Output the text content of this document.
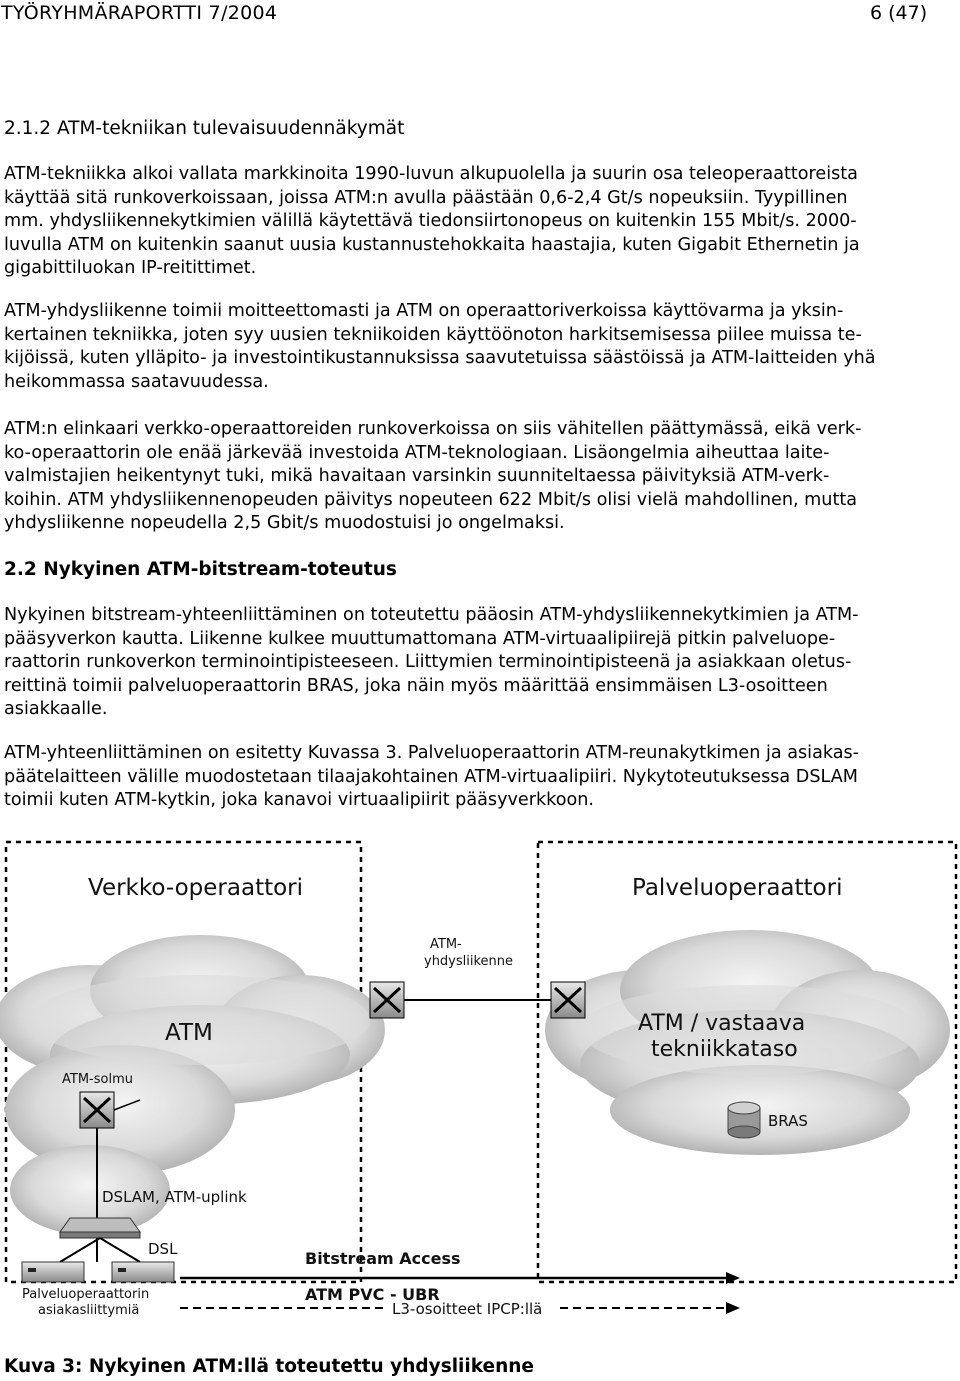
TYÖRYHMÄRAPORTTI 7/2004	6 (47)
2.1.2 ATM-tekniikan tulevaisuudennäkymät
ATM-tekniikka alkoi vallata markkinoita 1990-luvun alkupuolella ja suurin osa teleoperaattoreista
käyttää sitä runkoverkoissaan, joissa ATM:n avulla päästään 0,6-2,4 Gt/s nopeuksiin. Tyypillinen
mm. yhdysliikennekytkimien välillä käytettävä tiedonsiirtonopeus on kuitenkin 155 Mbit/s. 2000-
luvulla ATM on kuitenkin saanut uusia kustannustehokkaita haastajia, kuten Gigabit Ethernetin ja
gigabittiluokan IP-reitittimet.
ATM-yhdysliikenne toimii moitteettomasti ja ATM on operaattoriverkoissa käyttövarma ja yksin-
kertainen tekniikka, joten syy uusien tekniikoiden käyttöönoton harkitsemisessa piilee muissa te-
kijöissä, kuten ylläpito- ja investointikustannuksissa saavutetuissa säästöissä ja ATM-laitteiden yhä
heikommassa saatavuudessa.
ATM:n elinkaari verkko-operaattoreiden runkoverkoissa on siis vähitellen päättymässä, eikä verk-
ko-operaattorin ole enää järkevää investoida ATM-teknologiaan. Lisäongelmia aiheuttaa laite-
valmistajien heikentynyt tuki, mikä havaitaan varsinkin suunniteltaessa päivityksiä ATM-verk-
koihin. ATM yhdysliikennenopeuden päivitys nopeuteen 622 Mbit/s olisi vielä mahdollinen, mutta
yhdysliikenne nopeudella 2,5 Gbit/s muodostuisi jo ongelmaksi.
2.2 Nykyinen ATM-bitstream-toteutus
Nykyinen bitstream-yhteenliittäminen on toteutettu pääosin ATM-yhdysliikennekytkimien ja ATM-
pääsyverkon kautta. Liikenne kulkee muuttumattomana ATM-virtuaalipiirejä pitkin palveluope-
raattorin runkoverkon terminointipisteeseen. Liittymien terminointipisteenä ja asiakkaan oletus-
reittinä toimii palveluoperaattorin BRAS, joka näin myös määrittää ensimmäisen L3-osoitteen
asiakkaalle.
ATM-yhteenliittäminen on esitetty Kuvassa 3. Palveluoperaattorin ATM-reunakytkimen ja asiakas-
päätelaitteen välille muodostetaan tilaajakohtainen ATM-virtuaalipiiri. Nykytoteutuksessa DSLAM
toimii kuten ATM-kytkin, joka kanavoi virtuaalipiirit pääsyverkkoon.
Verkko-operaattori	Palveluoperaattori
ATM	ATM / vastaava
tekniikkataso
ATM-
yhdysliikenne
ATM-solmu
BRAS
DSLAM, ATM-uplink
DSL
Palveluoperaattorin
asiakasliittymiä
Bitstream Access
ATM PVC - UBR
L3-osoitteet IPCP:llä
Kuva 3: Nykyinen ATM:llä toteutettu yhdysliikenne
